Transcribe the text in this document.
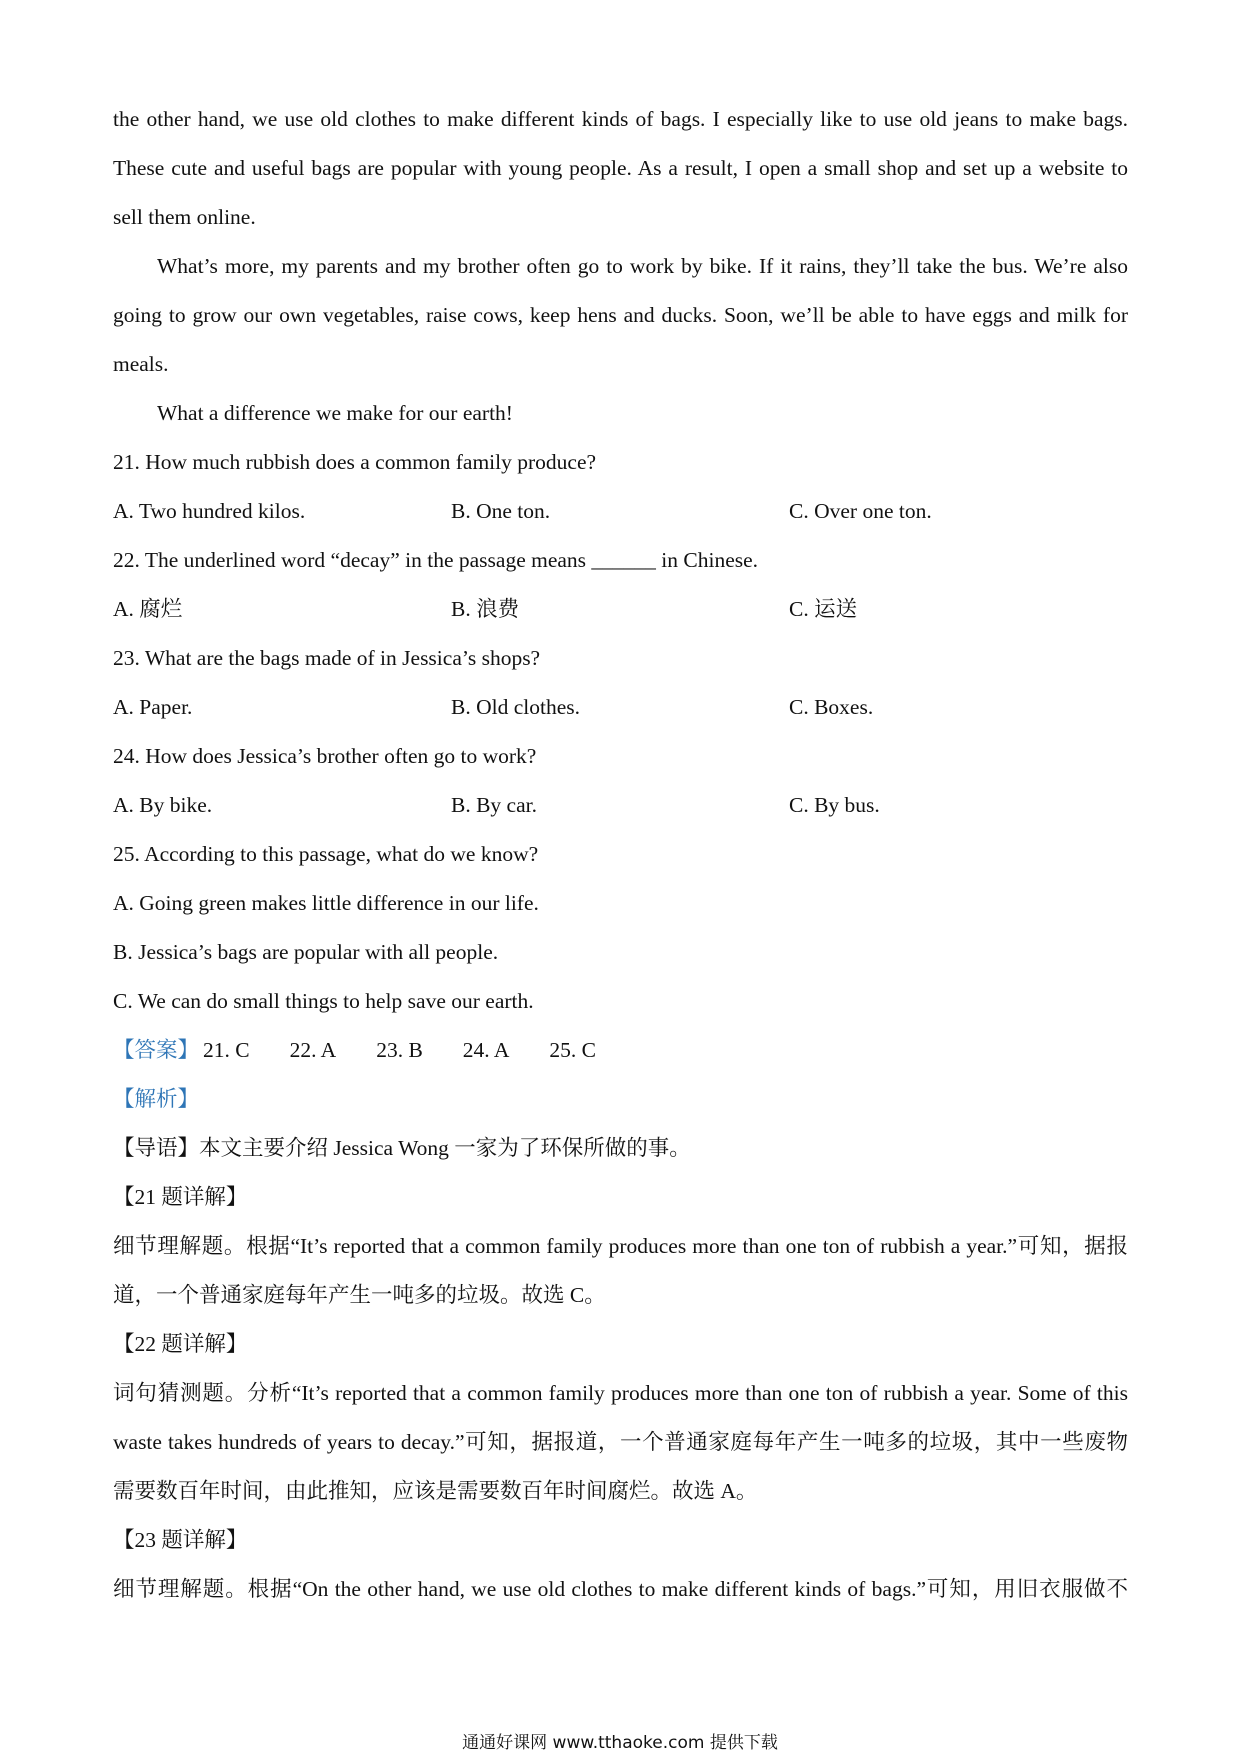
the other hand, we use old clothes to make different kinds of bags. I especially like to use old jeans to make bags.
These cute and useful bags are popular with young people. As a result, I open a small shop and set up a website to
sell them online.
What’s more, my parents and my brother often go to work by bike. If it rains, they’ll take the bus. We’re also
going to grow our own vegetables, raise cows, keep hens and ducks. Soon, we’ll be able to have eggs and milk for
meals.
What a difference we make for our earth!
21. How much rubbish does a common family produce?
A. Two hundred kilos.	B. One ton.	C. Over one ton.
22. The underlined word “decay” in the passage means ______ in Chinese.
A. 腐烂	B. 浪费	C. 运送
23. What are the bags made of in Jessica’s shops?
A. Paper.	B. Old clothes.	C. Boxes.
24. How does Jessica’s brother often go to work?
A. By bike.	B. By car.	C. By bus.
25. According to this passage, what do we know?
A. Going green makes little difference in our life.
B. Jessica’s bags are popular with all people.
C. We can do small things to help save our earth.
【答案】 21. C 22. A 23. B 24. A 25. C
【解析】
【导语】本文主要介绍 Jessica Wong 一家为了环保所做的事。
【21 题详解】
细节理解题。根据“It’s reported that a common family produces more than one ton of rubbish a year.”可知，据报
道，一个普通家庭每年产生一吨多的垃圾。故选 C。
【22 题详解】
词句猜测题。分析“It’s reported that a common family produces more than one ton of rubbish a year. Some of this
waste takes hundreds of years to decay.”可知，据报道，一个普通家庭每年产生一吨多的垃圾，其中一些废物
需要数百年时间，由此推知，应该是需要数百年时间腐烂。故选 A。
【23 题详解】
细节理解题。根据“On the other hand, we use old clothes to make different kinds of bags.”可知，用旧衣服做不
通通好课网 www.tthaoke.com 提供下载
